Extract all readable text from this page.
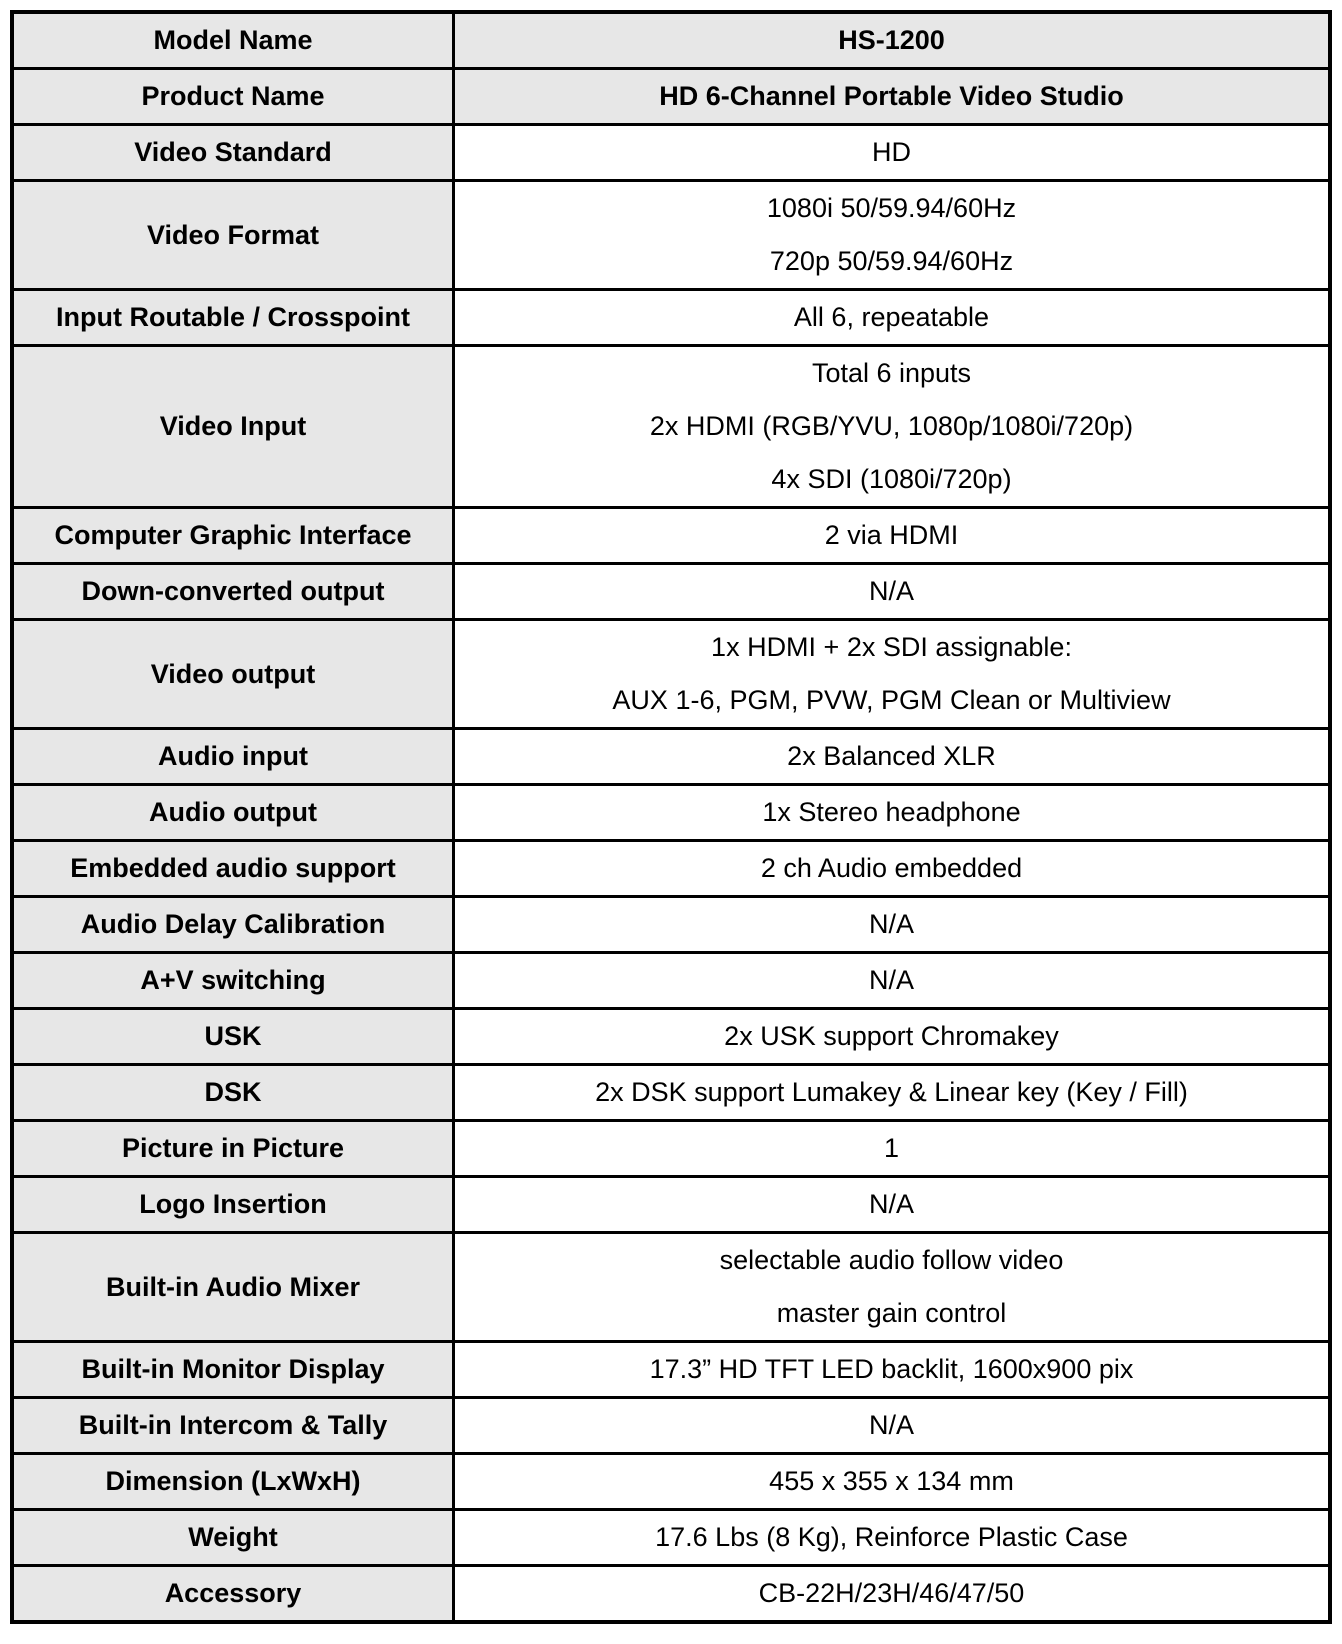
Model Name	HS-1200

Product Name	HD 6-Channel Portable Video Studio

Video Standard	HD

Video Format	1080i 50/59.94/60Hz
720p 50/59.94/60Hz

Input Routable / Crosspoint	All 6, repeatable

Video Input	Total 6 inputs
2x HDMI (RGB/YVU, 1080p/1080i/720p)
4x SDI (1080i/720p)

Computer Graphic Interface	2 via HDMI

Down-converted output	N/A

Video output	1x HDMI + 2x SDI assignable:
AUX 1-6, PGM, PVW, PGM Clean or Multiview

Audio input	2x Balanced XLR

Audio output	1x Stereo headphone

Embedded audio support	2 ch Audio embedded

Audio Delay Calibration	N/A

A+V switching	N/A

USK	2x USK support Chromakey

DSK	2x DSK support Lumakey & Linear key (Key / Fill)

Picture in Picture	1

Logo Insertion	N/A

Built-in Audio Mixer	selectable audio follow video
master gain control

Built-in Monitor Display	17.3” HD TFT LED backlit, 1600x900 pix

Built-in Intercom & Tally	N/A

Dimension (LxWxH)	455 x 355 x 134 mm

Weight	17.6 Lbs (8 Kg), Reinforce Plastic Case

Accessory	CB-22H/23H/46/47/50
